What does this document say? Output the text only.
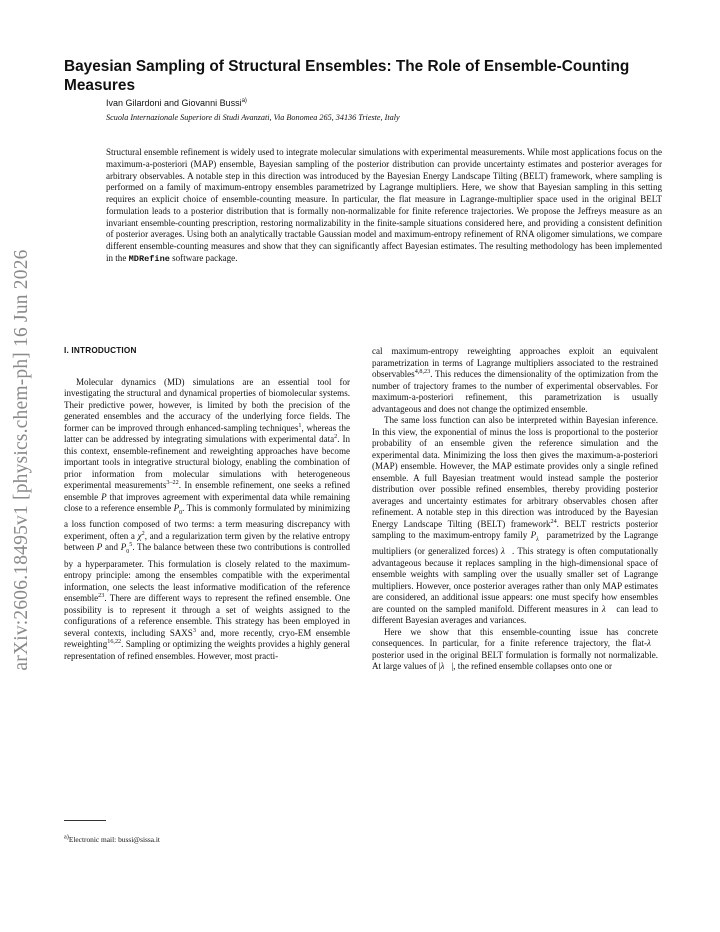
arXiv:2606.18495v1 [physics.chem-ph] 16 Jun 2026
Bayesian Sampling of Structural Ensembles: The Role of Ensemble-Counting Measures
Ivan Gilardoni and Giovanni Bussi$^{a)}$
Scuola Internazionale Superiore di Studi Avanzati, Via Bonomea 265, 34136 Trieste, Italy
Structural ensemble refinement is widely used to integrate molecular simulations with experimental measurements. While most applications focus on the maximum-a-posteriori (MAP) ensemble, Bayesian sampling of the posterior distribution can provide uncertainty estimates and posterior averages for arbitrary observables. A notable step in this direction was introduced by the Bayesian Energy Landscape Tilting (BELT) framework, where sampling is performed on a family of maximum-entropy ensembles parametrized by Lagrange multipliers. Here, we show that Bayesian sampling in this setting requires an explicit choice of ensemble-counting measure. In particular, the flat measure in Lagrange-multiplier space used in the original BELT formulation leads to a posterior distribution that is formally non-normalizable for finite reference trajectories. We propose the Jeffreys measure as an invariant ensemble-counting prescription, restoring normalizability in the finite-sample situations considered here, and providing a consistent definition of posterior averages. Using both an analytically tractable Gaussian model and maximum-entropy refinement of RNA oligomer simulations, we compare different ensemble-counting measures and show that they can significantly affect Bayesian estimates. The resulting methodology has been implemented in the MDRefine software package.

I. INTRODUCTION

Molecular dynamics (MD) simulations are an essential tool for investigating the structural and dynamical properties of biomolecular systems. Their predictive power, however, is limited by both the precision of the generated ensembles and the accuracy of the underlying force fields. The former can be improved through enhanced-sampling techniques$^1$, whereas the latter can be addressed by integrating simulations with experimental data$^2$. In this context, ensemble-refinement and reweighting approaches have become important tools in integrative structural biology, enabling the combination of prior information from molecular simulations with heterogeneous experimental measurements$^{3-22}$. In ensemble refinement, one seeks a refined ensemble P that improves agreement with experimental data while remaining close to a reference ensemble $P_0$. This is commonly formulated by minimizing a loss function composed of two terms: a term measuring discrepancy with experiment, often a $\chi^2$, and a regularization term given by the relative entropy between P and $P_0^5$. The balance between these two contributions is controlled by a hyperparameter. This formulation is closely related to the maximum-entropy principle: among the ensembles compatible with the experimental information, one selects the least informative modification of the reference ensemble$^{23}$. There are different ways to represent the refined ensemble. One possibility is to represent it through a set of weights assigned to the configurations of a reference ensemble. This strategy has been employed in several contexts, including SAXS$^3$ and, more recently, cryo-EM ensemble reweighting$^{16,22}$. Sampling or optimizing the weights provides a highly general representation of refined ensembles. However, most practi-

cal maximum-entropy reweighting approaches exploit an equivalent parametrization in terms of Lagrange multipliers associated to the restrained observables$^{4,8,23}$. This reduces the dimensionality of the optimization from the number of trajectory frames to the number of experimental observables. For maximum-a-posteriori refinement, this parametrization is usually advantageous and does not change the optimized ensemble.

The same loss function can also be interpreted within Bayesian inference. In this view, the exponential of minus the loss is proportional to the posterior probability of an ensemble given the reference simulation and the experimental data. Minimizing the loss then gives the maximum-a-posteriori (MAP) ensemble. However, the MAP estimate provides only a single refined ensemble. A full Bayesian treatment would instead sample the posterior distribution over possible refined ensembles, thereby providing posterior averages and uncertainty estimates for arbitrary observables chosen after refinement. A notable step in this direction was introduced by the Bayesian Energy Landscape Tilting (BELT) framework$^{24}$. BELT restricts posterior sampling to the maximum-entropy family $P_{\lambda⃗}$ parametrized by the Lagrange multipliers (or generalized forces) λ⃗. This strategy is often computationally advantageous because it replaces sampling in the high-dimensional space of ensemble weights with sampling over the usually smaller set of Lagrange multipliers. However, once posterior averages rather than only MAP estimates are considered, an additional issue appears: one must specify how ensembles are counted on the sampled manifold. Different measures in λ⃗ can lead to different Bayesian averages and variances.

Here we show that this ensemble-counting issue has concrete consequences. In particular, for a finite reference trajectory, the flat-λ⃗ posterior used in the original BELT formulation is formally not normalizable. At large values of |λ⃗|, the refined ensemble collapses onto one or

$^{a)}$Electronic mail: bussi@sissa.it
